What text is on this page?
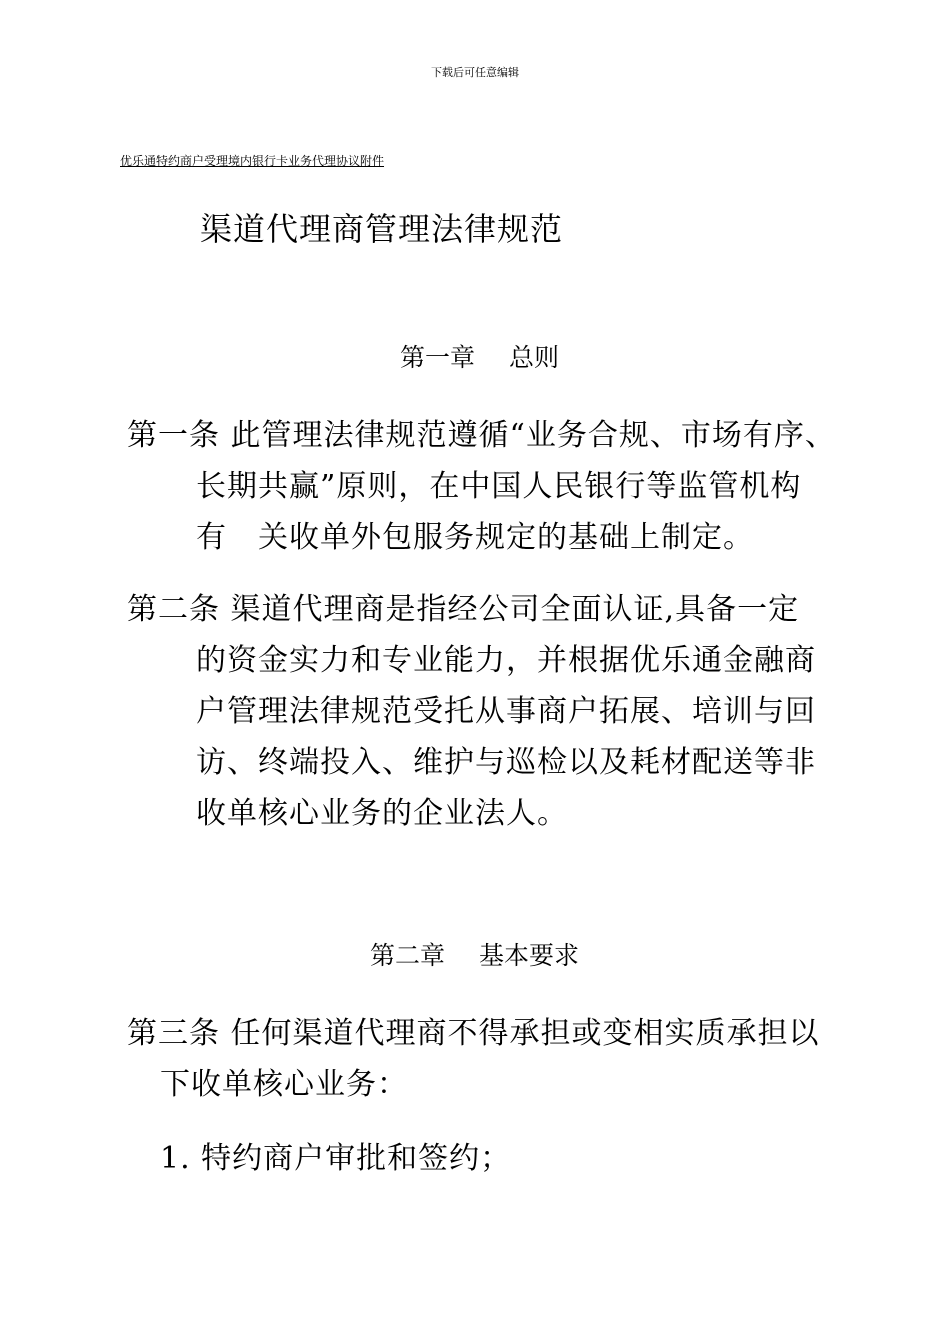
下载后可任意编辑
优乐通特约商户受理境内银行卡业务代理协议附件
渠道代理商管理法律规范
第一章 总则
第一条 此管理法律规范遵循“业务合规、市场有序、
长期共赢”原则，在中国人民银行等监管机构
有 关收单外包服务规定的基础上制定。
第二条 渠道代理商是指经公司全面认证,具备一定
的资金实力和专业能力，并根据优乐通金融商
户管理法律规范受托从事商户拓展、培训与回
访、终端投入、维护与巡检以及耗材配送等非
收单核心业务的企业法人。
第二章 基本要求
第三条 任何渠道代理商不得承担或变相实质承担以
下收单核心业务：
1. 特约商户审批和签约；
